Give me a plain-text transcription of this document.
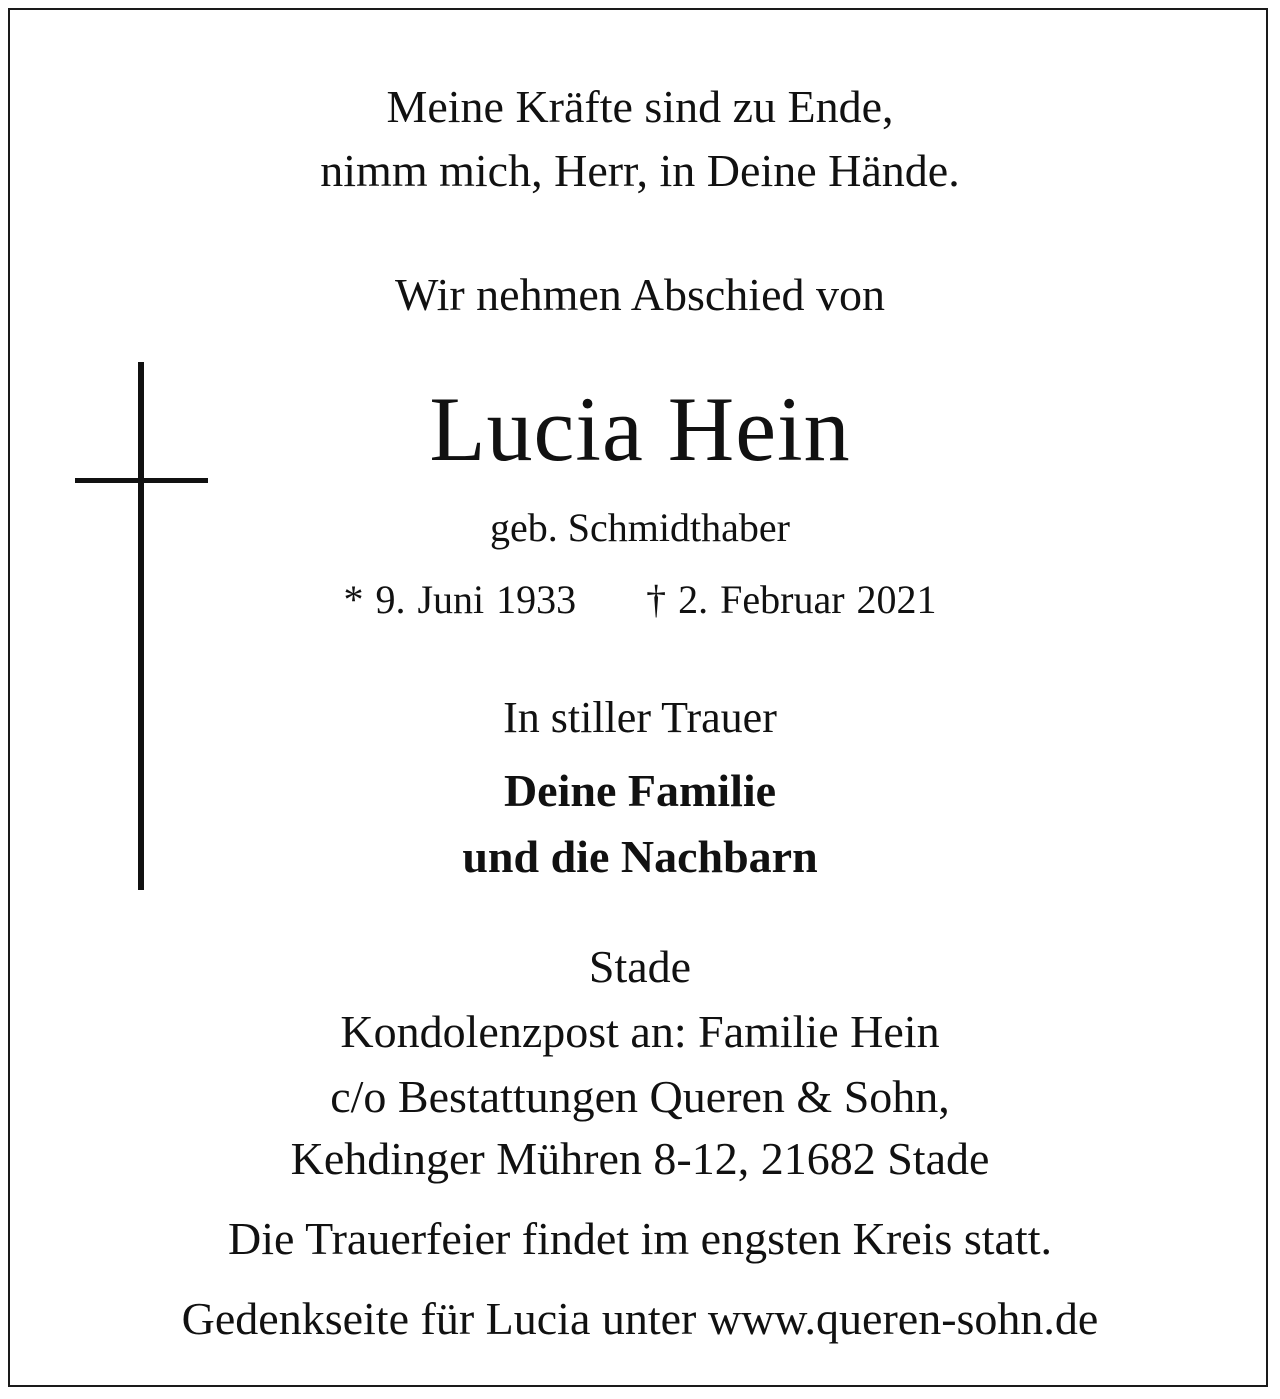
Meine Kräfte sind zu Ende,
nimm mich, Herr, in Deine Hände.
Wir nehmen Abschied von
Lucia Hein
geb. Schmidthaber
* 9. Juni 1933 † 2. Februar 2021
In stiller Trauer
Deine Familie
und die Nachbarn
Stade
Kondolenzpost an: Familie Hein
c/o Bestattungen Queren & Sohn,
Kehdinger Mühren 8-12, 21682 Stade
Die Trauerfeier findet im engsten Kreis statt.
Gedenkseite für Lucia unter www.queren-sohn.de
